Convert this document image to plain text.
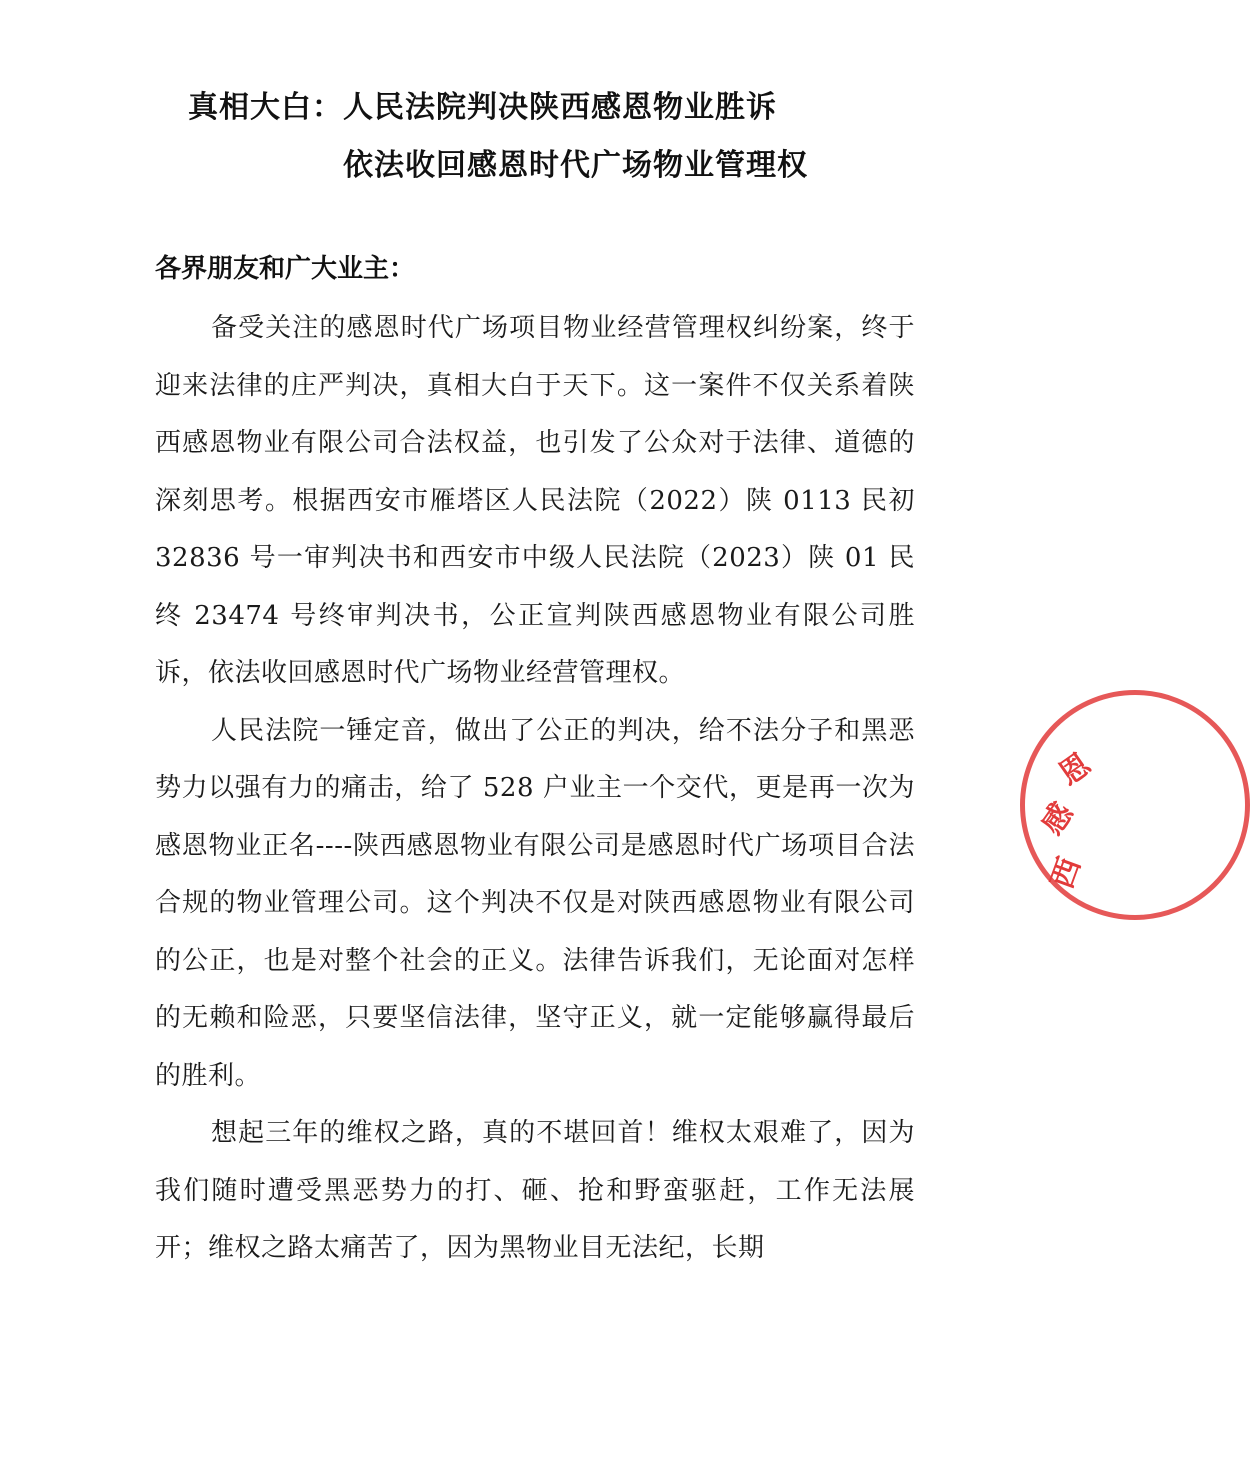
真相大白：人民法院判决陕西感恩物业胜诉
依法收回感恩时代广场物业管理权
各界朋友和广大业主：

备受关注的感恩时代广场项目物业经营管理权纠纷案，终于迎来法律的庄严判决，真相大白于天下。这一案件不仅关系着陕西感恩物业有限公司合法权益，也引发了公众对于法律、道德的深刻思考。根据西安市雁塔区人民法院（2022）陕 0113 民初 32836 号一审判决书和西安市中级人民法院（2023）陕 01 民终 23474 号终审判决书，公正宣判陕西感恩物业有限公司胜诉，依法收回感恩时代广场物业经营管理权。

人民法院一锤定音，做出了公正的判决，给不法分子和黑恶势力以强有力的痛击，给了 528 户业主一个交代，更是再一次为感恩物业正名----陕西感恩物业有限公司是感恩时代广场项目合法合规的物业管理公司。这个判决不仅是对陕西感恩物业有限公司的公正，也是对整个社会的正义。法律告诉我们，无论面对怎样的无赖和险恶，只要坚信法律，坚守正义，就一定能够赢得最后的胜利。

想起三年的维权之路，真的不堪回首！维权太艰难了，因为我们随时遭受黑恶势力的打、砸、抢和野蛮驱赶，工作无法展开；维权之路太痛苦了，因为黑物业目无法纪，长期

西
感
恩
